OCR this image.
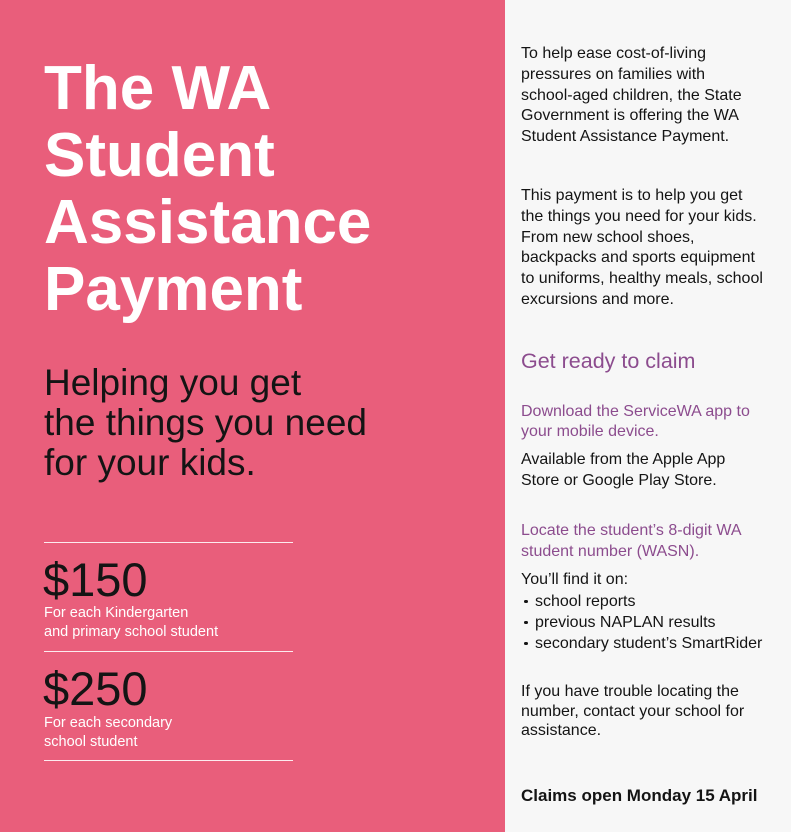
The WA
Student
Assistance
Payment
Helping you get
the things you need
for your kids.
$150
For each Kindergarten
and primary school student
$250
For each secondary
school student
To help ease cost-of-living
pressures on families with
school-aged children, the State
Government is offering the WA
Student Assistance Payment.
This payment is to help you get
the things you need for your kids.
From new school shoes,
backpacks and sports equipment
to uniforms, healthy meals, school
excursions and more.
Get ready to claim
Download the ServiceWA app to
your mobile device.
Available from the Apple App
Store or Google Play Store.
Locate the student’s 8-digit WA
student number (WASN).
You’ll find it on:
school reports
previous NAPLAN results
secondary student’s SmartRider
If you have trouble locating the
number, contact your school for
assistance.
Claims open Monday 15 April
